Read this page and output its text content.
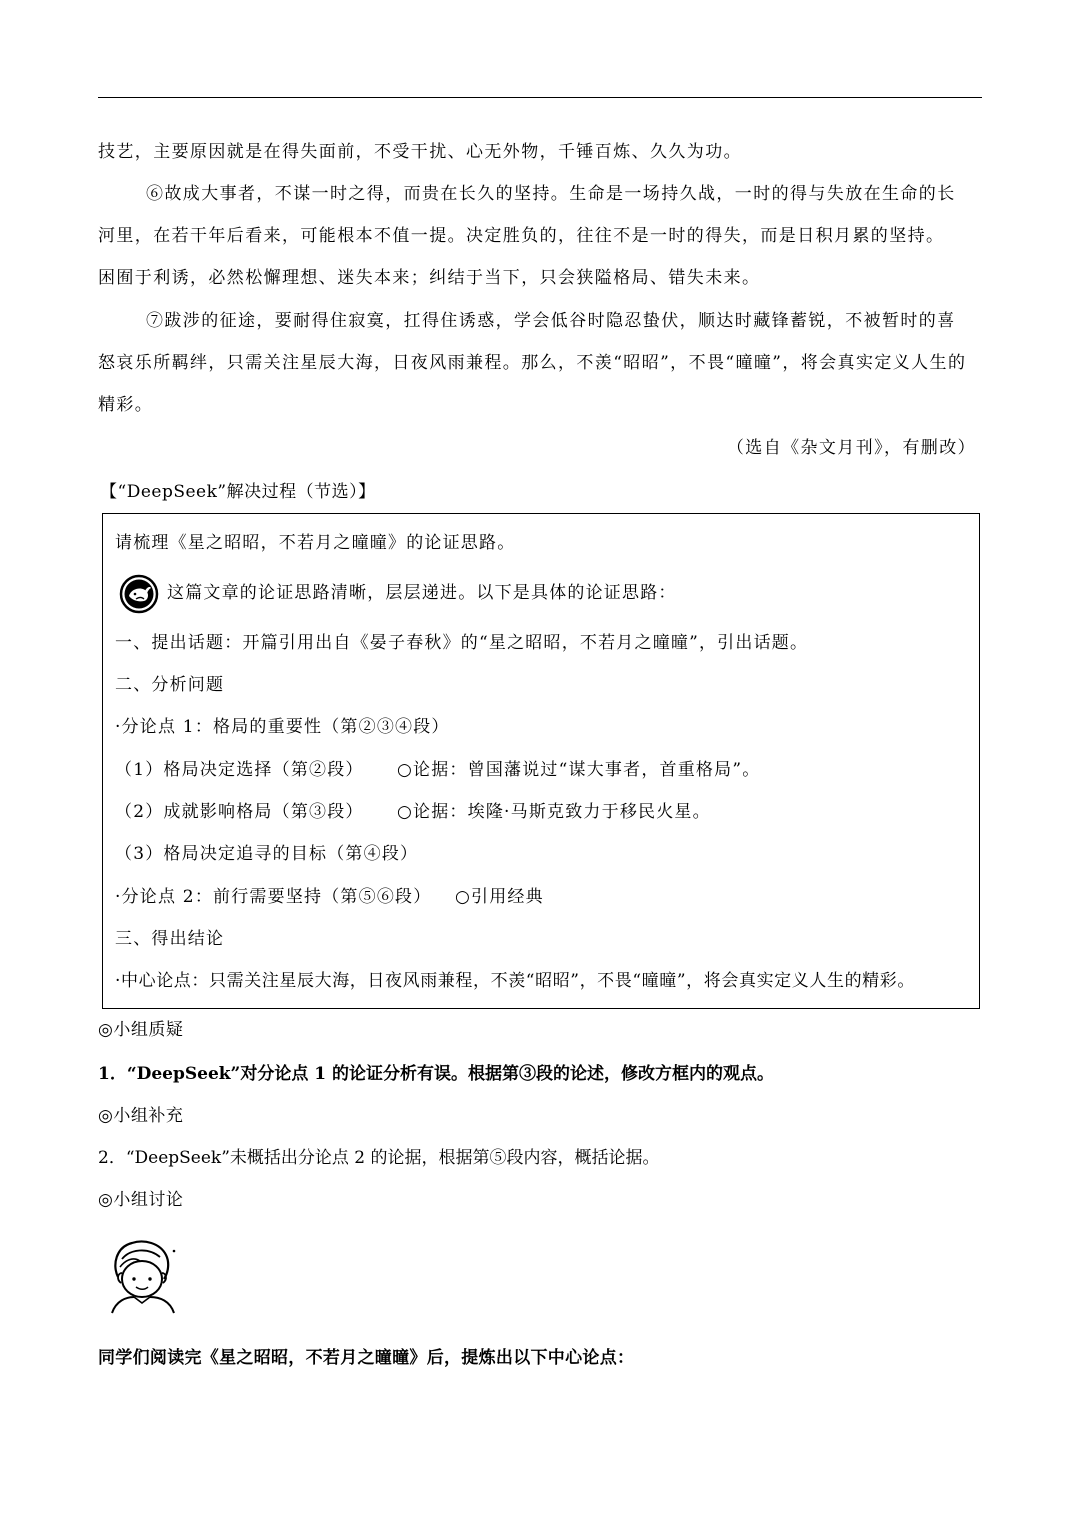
技艺，主要原因就是在得失面前，不受干扰、心无外物，千锤百炼、久久为功。

⑥故成大事者，不谋一时之得，而贵在长久的坚持。生命是一场持久战，一时的得与失放在生命的长

河里，在若干年后看来，可能根本不值一提。决定胜负的，往往不是一时的得失，而是日积月累的坚持。

困囿于利诱，必然松懈理想、迷失本来；纠结于当下，只会狭隘格局、错失未来。

⑦跋涉的征途，要耐得住寂寞，扛得住诱惑，学会低谷时隐忍蛰伏，顺达时藏锋蓄锐，不被暂时的喜

怒哀乐所羁绊，只需关注星辰大海，日夜风雨兼程。那么，不羡“昭昭”，不畏“曈曈”，将会真实定义人生的

精彩。

（选自《杂文月刊》，有删改）

【“DeepSeek”解决过程（节选）】
请梳理《星之昭昭，不若月之曈曈》的论证思路。
这篇文章的论证思路清晰，层层递进。以下是具体的论证思路：
一、提出话题：开篇引用出自《晏子春秋》的“星之昭昭，不若月之曈曈”，引出话题。
二、分析问题
·分论点 1：格局的重要性（第②③④段）
（1）格局决定选择（第②段） ○论据：曾国藩说过“谋大事者，首重格局”。
（2）成就影响格局（第③段） ○论据：埃隆·马斯克致力于移民火星。
（3）格局决定追寻的目标（第④段）
·分论点 2：前行需要坚持（第⑤⑥段） ○引用经典
三、得出结论
·中心论点：只需关注星辰大海，日夜风雨兼程，不羡“昭昭”，不畏“曈曈”，将会真实定义人生的精彩。
◎小组质疑
1．“DeepSeek”对分论点 1 的论证分析有误。根据第③段的论述，修改方框内的观点。
◎小组补充
2．“DeepSeek”未概括出分论点 2 的论据，根据第⑤段内容，概括论据。
◎小组讨论
同学们阅读完《星之昭昭，不若月之曈曈》后，提炼出以下中心论点：
